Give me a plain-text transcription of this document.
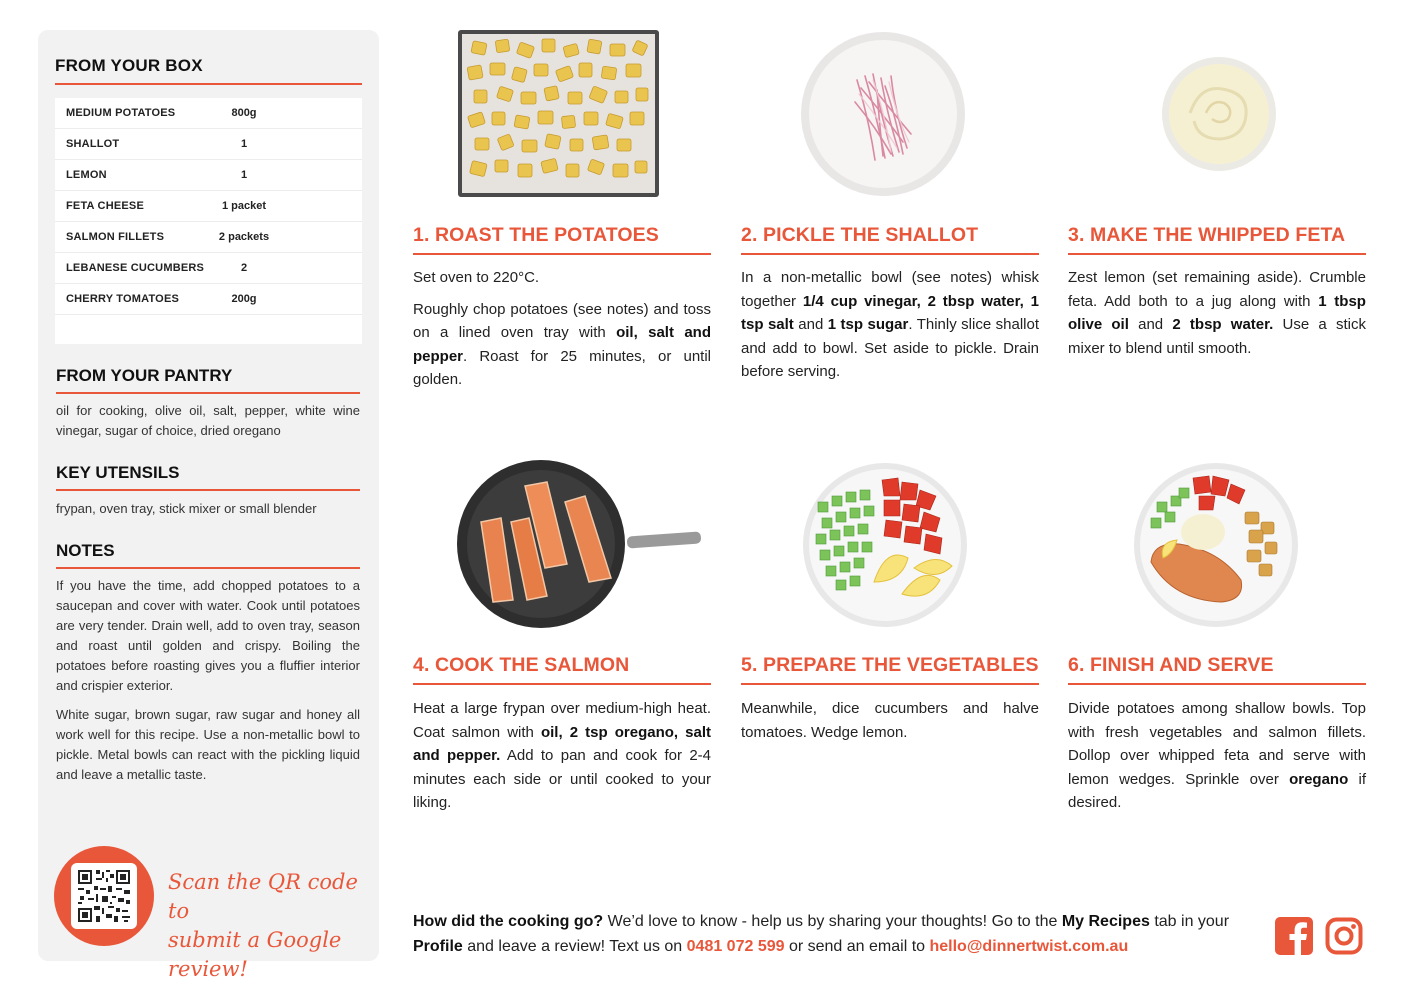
FROM YOUR BOX
MEDIUM POTATOES	800g
SHALLOT	1
LEMON	1
FETA CHEESE	1 packet
SALMON FILLETS	2 packets
LEBANESE CUCUMBERS	2
CHERRY TOMATOES	200g
FROM YOUR PANTRY
oil for cooking, olive oil, salt, pepper, white wine vinegar, sugar of choice, dried oregano
KEY UTENSILS
frypan, oven tray, stick mixer or small blender
NOTES
If you have the time, add chopped potatoes to a saucepan and cover with water. Cook until potatoes are very tender. Drain well, add to oven tray, season and roast until golden and crispy. Boiling the potatoes before roasting gives you a fluffier interior and crispier exterior.
White sugar, brown sugar, raw sugar and honey all work well for this recipe. Use a non-metallic bowl to pickle. Metal bowls can react with the pickling liquid and leave a metallic taste.
Scan the QR code to
submit a Google review!
1. ROAST THE POTATOES

Set oven to 220°C.

Roughly chop potatoes (see notes) and toss on a lined oven tray with oil, salt and pepper. Roast for 25 minutes, or until golden.

2. PICKLE THE SHALLOT

In a non-metallic bowl (see notes) whisk together 1/4 cup vinegar, 2 tbsp water, 1 tsp salt and 1 tsp sugar. Thinly slice shallot and add to bowl. Set aside to pickle. Drain before serving.

3. MAKE THE WHIPPED FETA

Zest lemon (set remaining aside). Crumble feta. Add both to a jug along with 1 tbsp olive oil and 2 tbsp water. Use a stick mixer to blend until smooth.

4. COOK THE SALMON

Heat a large frypan over medium-high heat. Coat salmon with oil, 2 tsp oregano, salt and pepper. Add to pan and cook for 2-4 minutes each side or until cooked to your liking.

5. PREPARE THE VEGETABLES

Meanwhile, dice cucumbers and halve tomatoes. Wedge lemon.

6. FINISH AND SERVE

Divide potatoes among shallow bowls. Top with fresh vegetables and salmon fillets. Dollop over whipped feta and serve with lemon wedges. Sprinkle over oregano if desired.

How did the cooking go? We’d love to know - help us by sharing your thoughts! Go to the My Recipes tab in your Profile and leave a review! Text us on 0481 072 599 or send an email to hello@dinnertwist.com.au
